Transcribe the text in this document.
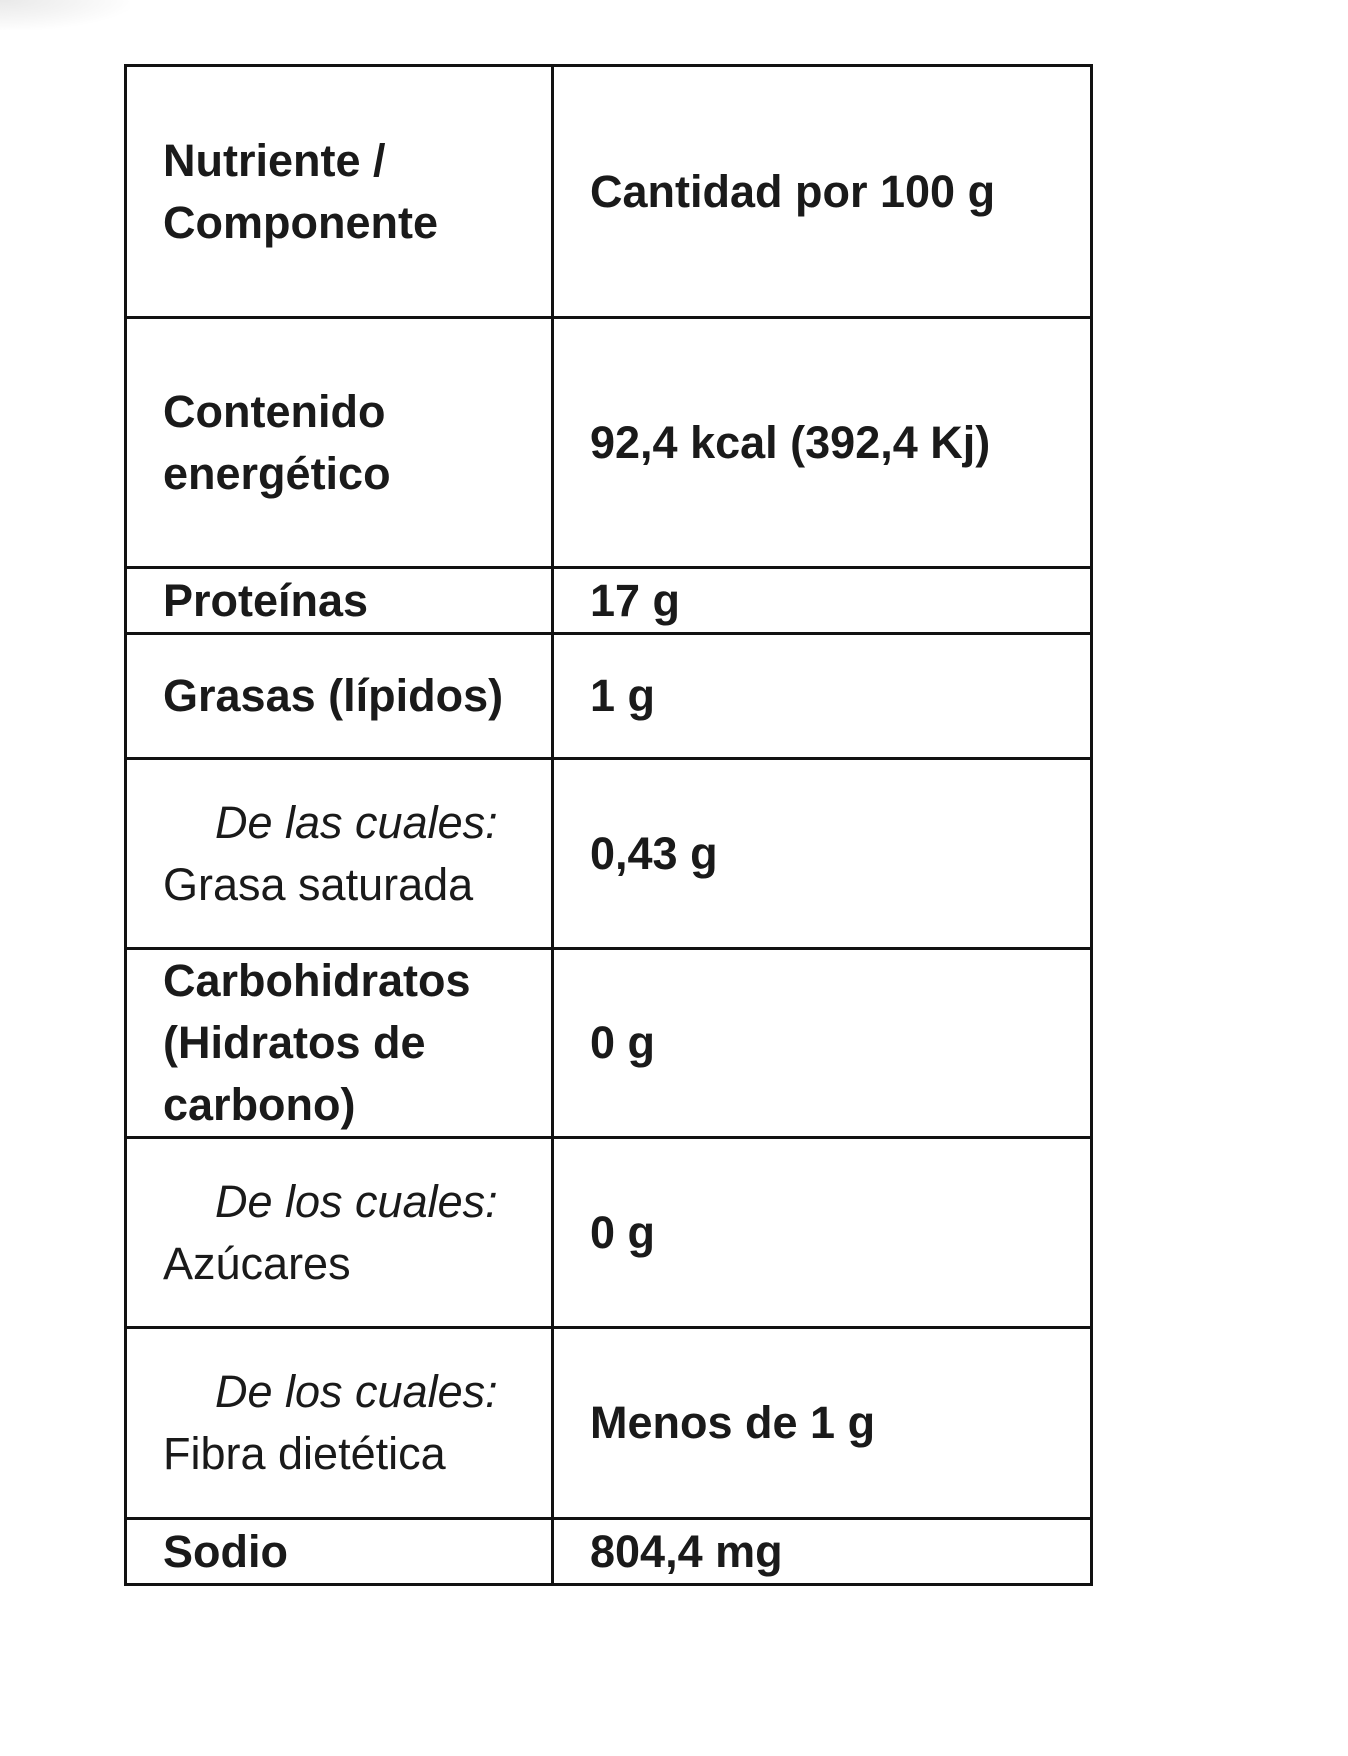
Nutriente / Componente	Cantidad por 100 g
Contenido energético	92,4 kcal (392,4 Kj)
Proteínas	17 g
Grasas (lípidos)	1 g

De las cuales:
Grasa saturada	0,43 g
Carbohidratos (Hidratos de carbono)	0 g

De los cuales:
Azúcares	0 g

De los cuales:
Fibra dietética	Menos de 1 g
Sodio	804,4 mg
